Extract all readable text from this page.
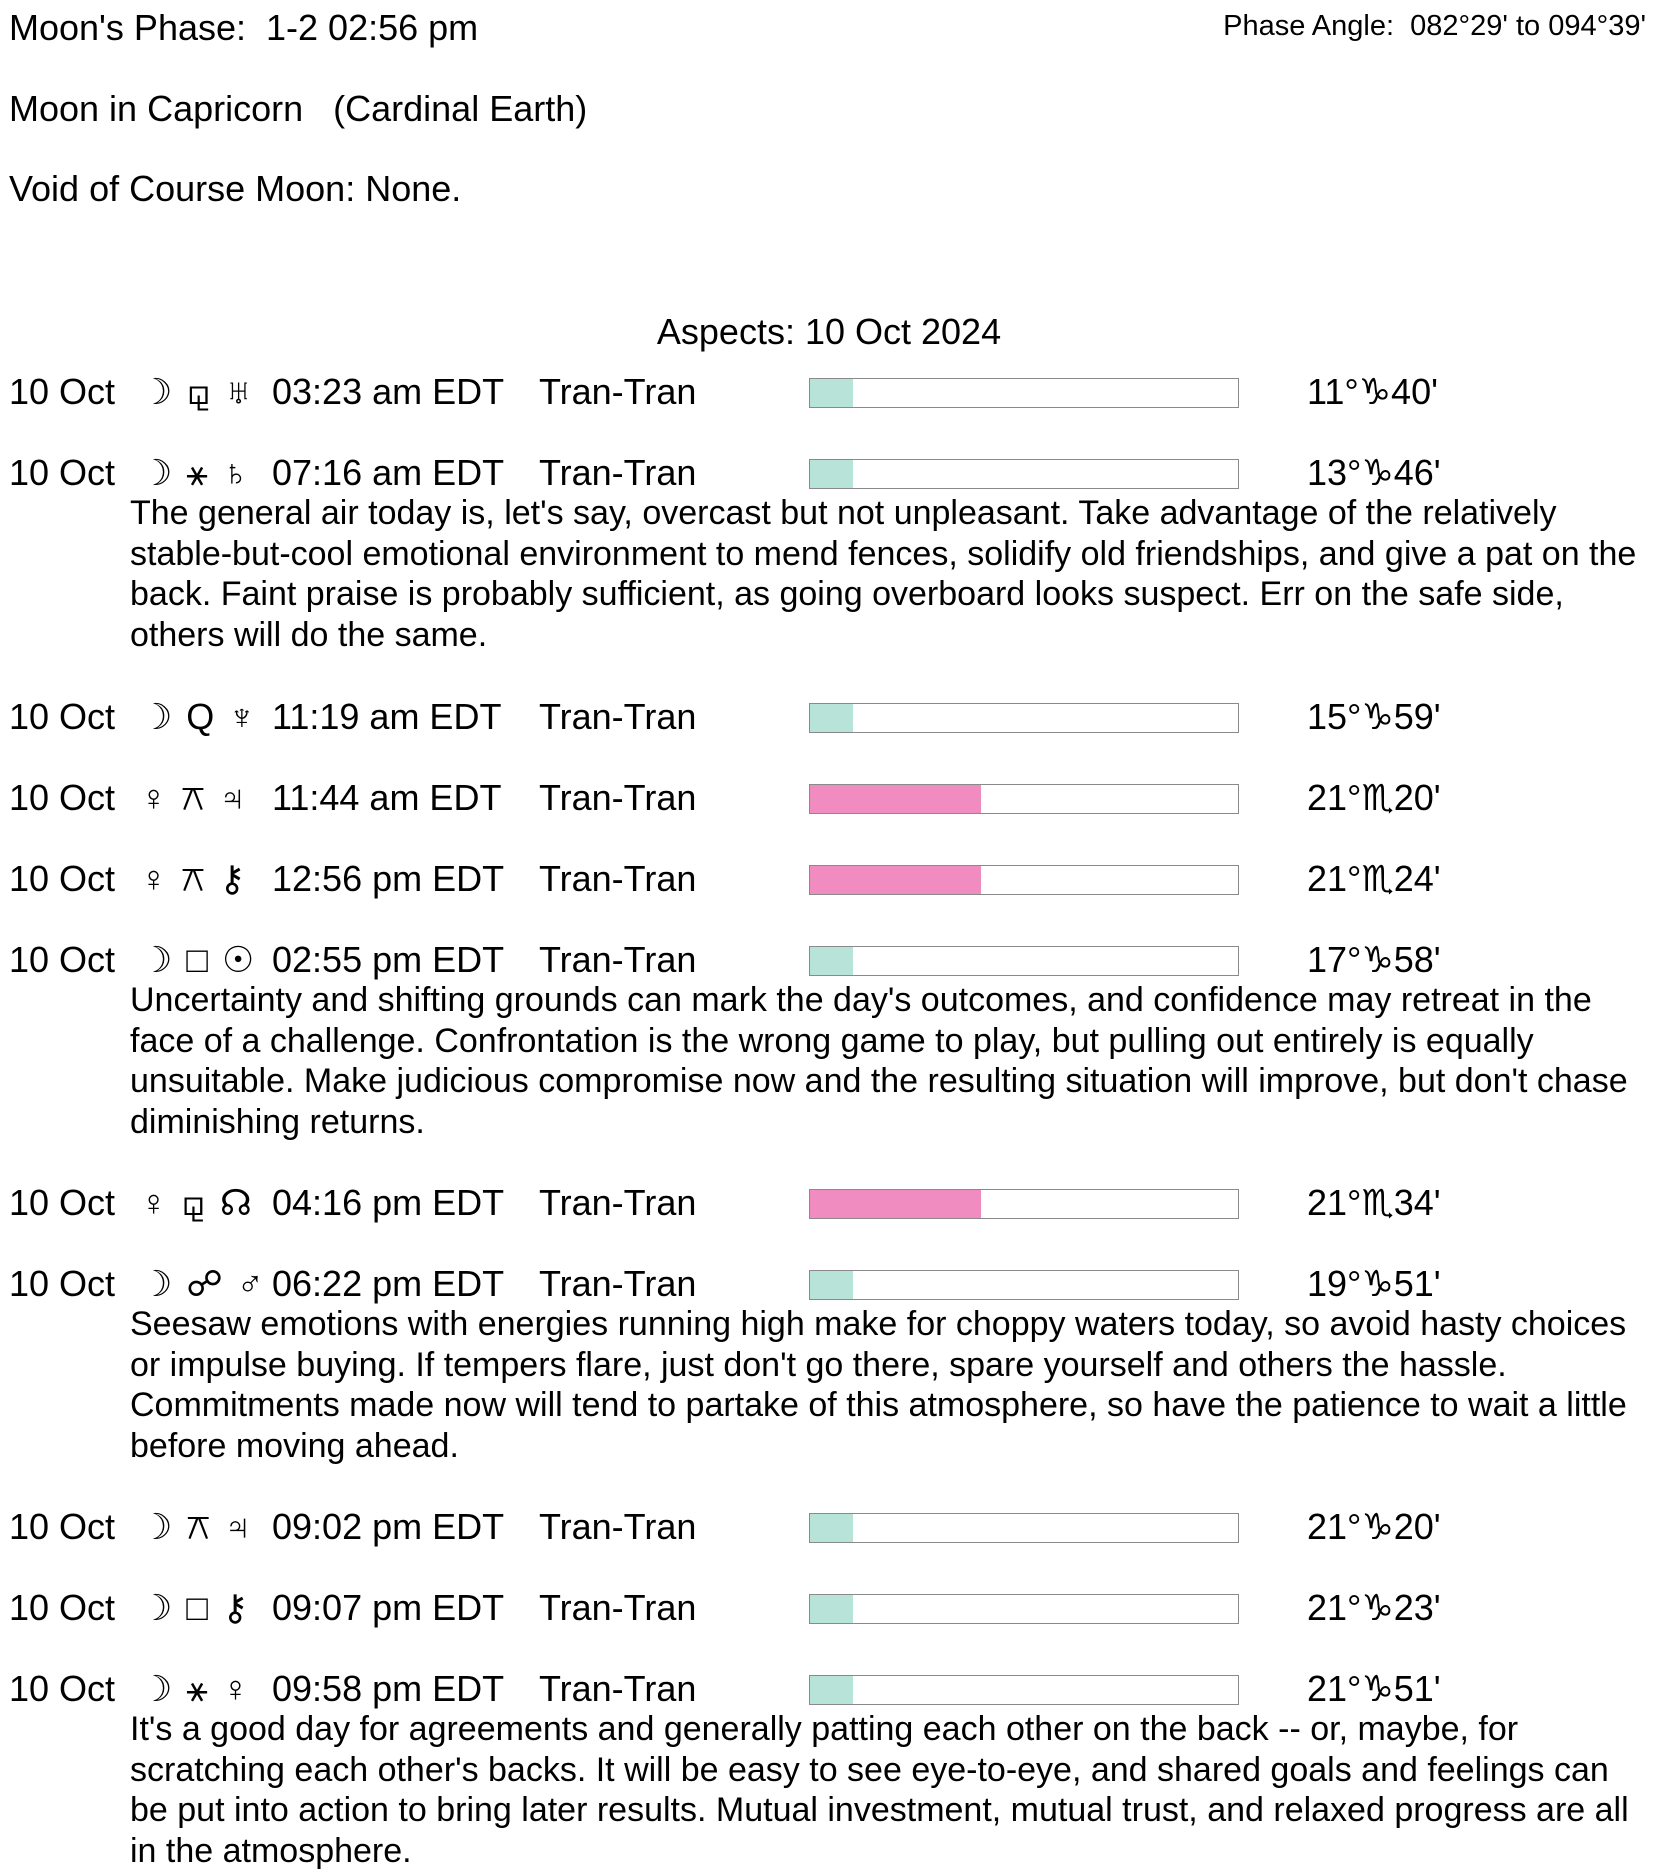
Moon's Phase:  1-2 02:56 pm	Phase Angle:  082°29' to 094°39'
Moon in Capricorn   (Cardinal Earth)
Void of Course Moon: None.
Aspects: 10 Oct 2024
10 Oct ☽ ⚼ ♅ 03:23 am EDT Tran-Tran	11°♑40'
10 Oct ☽ ⚹ ♄ 07:16 am EDT Tran-Tran	13°♑46'
The general air today is, let's say, overcast but not unpleasant. Take advantage of the relatively stable-but-cool emotional environment to mend fences, solidify old friendships, and give a pat on the back. Faint praise is probably sufficient, as going overboard looks suspect. Err on the safe side, others will do the same.
10 Oct ☽ Q ♆ 11:19 am EDT Tran-Tran	15°♑59'
10 Oct ♀ ⚻ ♃ 11:44 am EDT Tran-Tran	21°♏20'
10 Oct ♀ ⚻ ⚷ 12:56 pm EDT Tran-Tran	21°♏24'
10 Oct ☽ □ ☉ 02:55 pm EDT Tran-Tran	17°♑58'
Uncertainty and shifting grounds can mark the day's outcomes, and confidence may retreat in the face of a challenge. Confrontation is the wrong game to play, but pulling out entirely is equally unsuitable. Make judicious compromise now and the resulting situation will improve, but don't chase diminishing returns.
10 Oct ♀ ⚼ ☊ 04:16 pm EDT Tran-Tran	21°♏34'
10 Oct ☽ ☍ ♂ 06:22 pm EDT Tran-Tran	19°♑51'
Seesaw emotions with energies running high make for choppy waters today, so avoid hasty choices or impulse buying. If tempers flare, just don't go there, spare yourself and others the hassle. Commitments made now will tend to partake of this atmosphere, so have the patience to wait a little before moving ahead.
10 Oct ☽ ⚻ ♃ 09:02 pm EDT Tran-Tran	21°♑20'
10 Oct ☽ □ ⚷ 09:07 pm EDT Tran-Tran	21°♑23'
10 Oct ☽ ⚹ ♀ 09:58 pm EDT Tran-Tran	21°♑51'
It's a good day for agreements and generally patting each other on the back -- or, maybe, for scratching each other's backs. It will be easy to see eye-to-eye, and shared goals and feelings can be put into action to bring later results. Mutual investment, mutual trust, and relaxed progress are all in the atmosphere.
